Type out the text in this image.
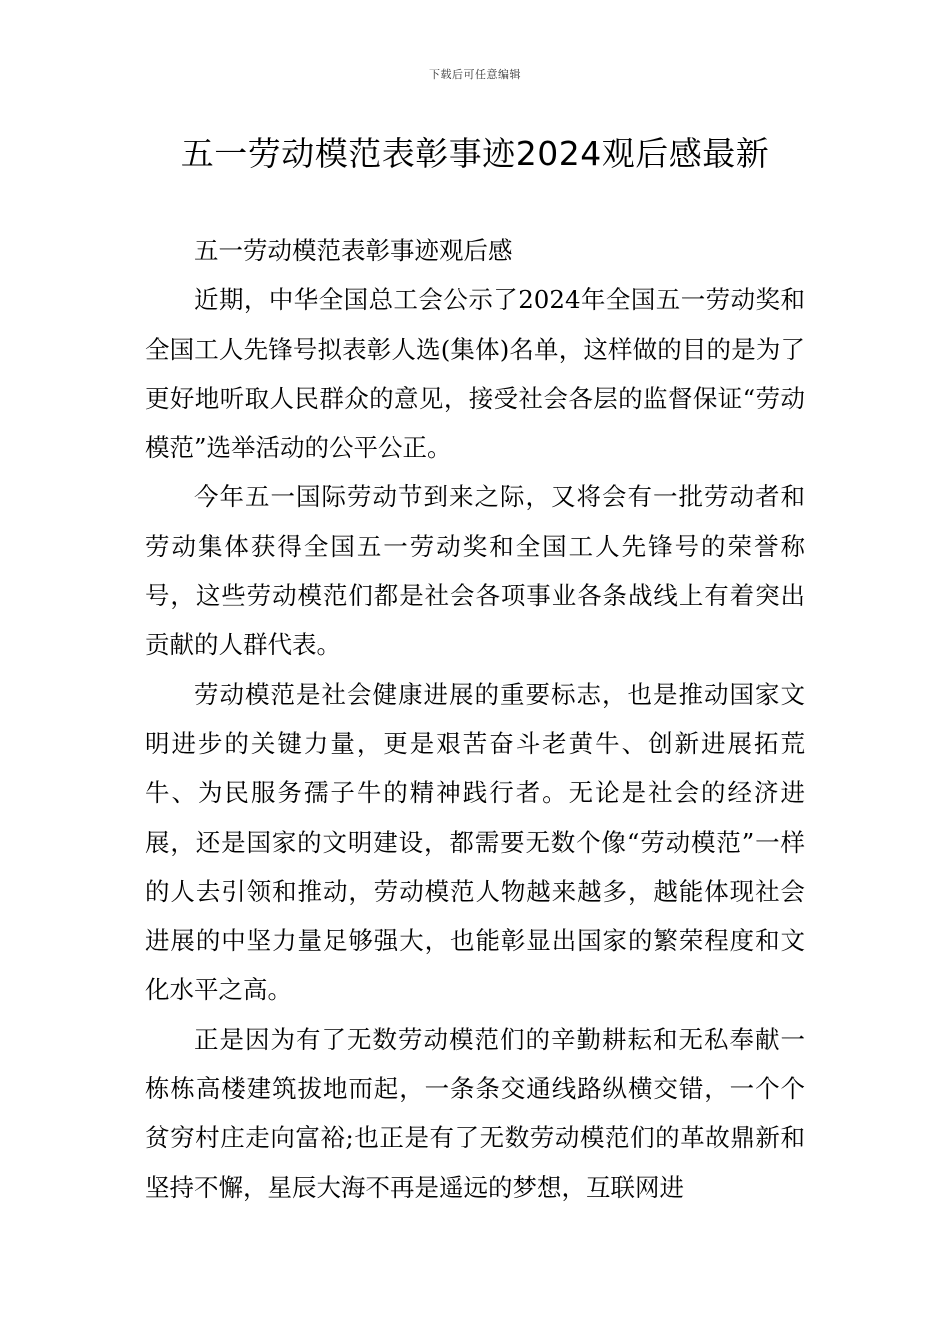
下载后可任意编辑
五一劳动模范表彰事迹2024观后感最新

五一劳动模范表彰事迹观后感

近期，中华全国总工会公示了2024年全国五一劳动奖和全国工人先锋号拟表彰人选(集体)名单，这样做的目的是为了更好地听取人民群众的意见，接受社会各层的监督保证“劳动模范”选举活动的公平公正。

今年五一国际劳动节到来之际，又将会有一批劳动者和劳动集体获得全国五一劳动奖和全国工人先锋号的荣誉称号，这些劳动模范们都是社会各项事业各条战线上有着突出贡献的人群代表。

劳动模范是社会健康进展的重要标志，也是推动国家文明进步的关键力量，更是艰苦奋斗老黄牛、创新进展拓荒牛、为民服务孺子牛的精神践行者。无论是社会的经济进展，还是国家的文明建设，都需要无数个像“劳动模范”一样的人去引领和推动，劳动模范人物越来越多，越能体现社会进展的中坚力量足够强大，也能彰显出国家的繁荣程度和文化水平之高。

正是因为有了无数劳动模范们的辛勤耕耘和无私奉献一栋栋高楼建筑拔地而起，一条条交通线路纵横交错，一个个贫穷村庄走向富裕;也正是有了无数劳动模范们的革故鼎新和坚持不懈，星辰大海不再是遥远的梦想，互联网进
